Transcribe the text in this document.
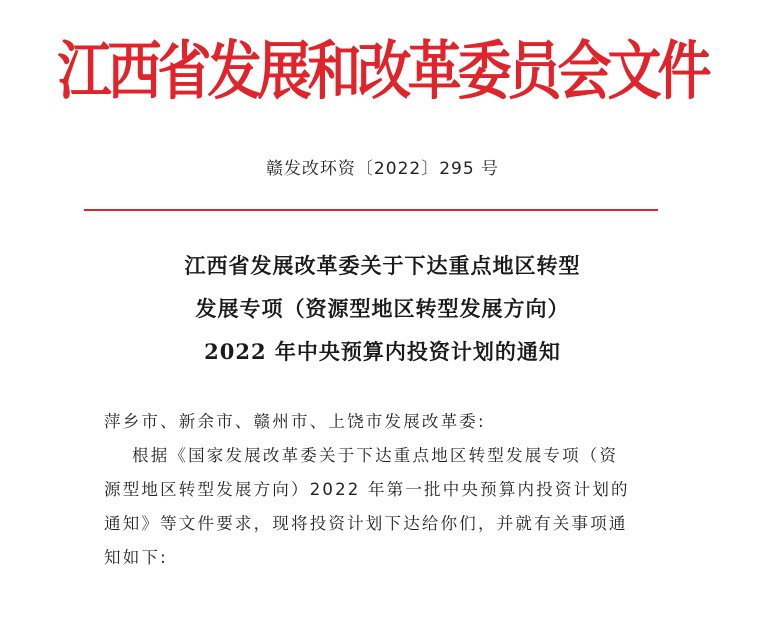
江西省发展和改革委员会文件
赣发改环资〔2022〕295 号
江西省发展改革委关于下达重点地区转型
发展专项（资源型地区转型发展方向）
2022 年中央预算内投资计划的通知
萍乡市、新余市、赣州市、上饶市发展改革委:
根据《国家发展改革委关于下达重点地区转型发展专项（资
源型地区转型发展方向）2022 年第一批中央预算内投资计划的
通知》等文件要求，现将投资计划下达给你们，并就有关事项通
知如下:
